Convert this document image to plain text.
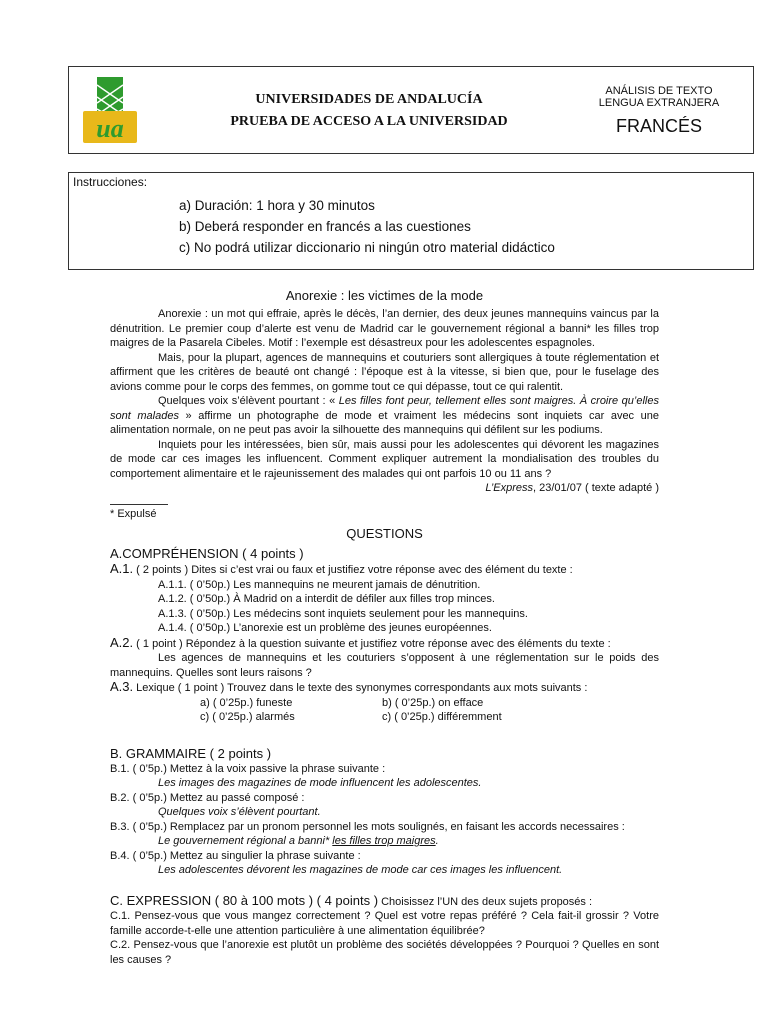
ua
UNIVERSIDADES DE ANDALUCÍA
PRUEBA DE ACCESO A LA UNIVERSIDAD
ANÁLISIS DE TEXTO
LENGUA EXTRANJERA
FRANCÉS
Instrucciones:
a) Duración: 1 hora y 30 minutos
b) Deberá responder en francés a las cuestiones
c) No podrá utilizar diccionario ni ningún otro material didáctico
Anorexie : les victimes de la mode

Anorexie : un mot qui effraie, après le décès, l’an dernier, des deux jeunes mannequins vaincus par la dénutrition. Le premier coup d’alerte est venu de Madrid car le gouvernement régional a banni* les filles trop maigres de la Pasarela Cibeles. Motif : l’exemple est désastreux pour les adolescentes espagnoles.

Mais, pour la plupart, agences de mannequins et couturiers sont allergiques à toute réglementation et affirment que les critères de beauté ont changé : l’époque est à la vitesse, si bien que, pour le fuselage des avions comme pour le corps des femmes, on gomme tout ce qui dépasse, tout ce qui ralentit.

Quelques voix s’élèvent pourtant : « Les filles font peur, tellement elles sont maigres. À croire qu’elles sont malades » affirme un photographe de mode et vraiment les médecins sont inquiets car avec une alimentation normale, on ne peut pas avoir la silhouette des mannequins qui défilent sur les podiums.

Inquiets pour les intéressées, bien sûr, mais aussi pour les adolescentes qui dévorent les magazines de mode car ces images les influencent. Comment expliquer autrement la mondialisation des troubles du comportement alimentaire et le rajeunissement des malades qui ont parfois 10 ou 11 ans ?

L’Express, 23/01/07 ( texte adapté )

* Expulsé
QUESTIONS
A.COMPRÉHENSION ( 4 points )

A.1. ( 2 points ) Dites si c’est vrai ou faux et justifiez votre réponse avec des élément du texte :

A.1.1. ( 0’50p.) Les mannequins ne meurent jamais de dénutrition.
A.1.2. ( 0’50p.) À Madrid on a interdit de défiler aux filles trop minces.
A.1.3. ( 0’50p.) Les médecins sont inquiets seulement pour les mannequins.
A.1.4. ( 0’50p.) L’anorexie est un problème des jeunes européennes.

A.2. ( 1 point ) Répondez à la question suivante et justifiez votre réponse avec des éléments du texte :

Les agences de mannequins et les couturiers s’opposent à une réglementation sur le poids des mannequins. Quelles sont leurs raisons ?

A.3. Lexique ( 1 point ) Trouvez dans le texte des synonymes correspondants aux mots suivants :

a) ( 0’25p.) funeste	b) ( 0’25p.) on efface
c) ( 0’25p.) alarmés	c) ( 0’25p.) différemment
B. GRAMMAIRE ( 2 points )

B.1. ( 0’5p.) Mettez à la voix passive la phrase suivante :

Les images des magazines de mode influencent les adolescentes.

B.2. ( 0’5p.) Mettez au passé composé :

Quelques voix s’élèvent pourtant.

B.3. ( 0’5p.) Remplacez par un pronom personnel les mots soulignés, en faisant les accords necessaires :

Le gouvernement régional a banni* les filles trop maigres.

B.4. ( 0’5p.) Mettez au singulier la phrase suivante :

Les adolescentes dévorent les magazines de mode car ces images les influencent.

C. EXPRESSION ( 80 à 100 mots ) ( 4 points ) Choisissez l’UN des deux sujets proposés :

C.1. Pensez-vous que vous mangez correctement ? Quel est votre repas préféré ? Cela fait-il grossir ? Votre famille accorde-t-elle une attention particulière à une alimentation équilibrée?

C.2. Pensez-vous que l’anorexie est plutôt un problème des sociétés développées ? Pourquoi ? Quelles en sont les causes ?
